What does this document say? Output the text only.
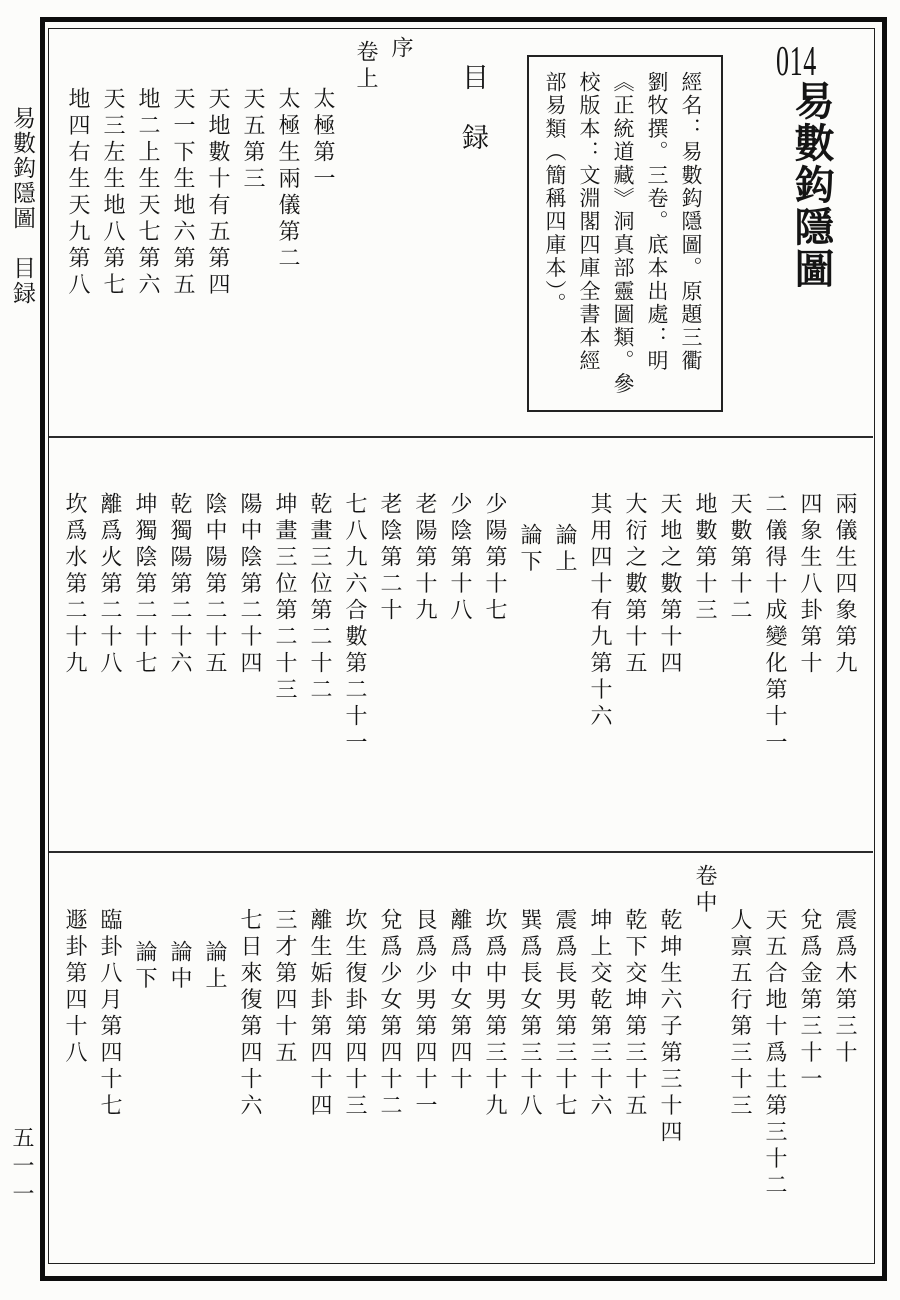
易數鈎隱圖　目録
五一一
014
易數鈎隱圖
經名：易數鈎隱圖。原題三衢
劉牧撰。三卷。底本出處：明
《正統道藏》洞真部靈圖類。參
校版本：文淵閣四庫全書本經
部易類（簡稱四庫本）。
目　録
序
卷上
太極第一
太極生兩儀第二
天五第三
天地數十有五第四
天一下生地六第五
地二上生天七第六
天三左生地八第七
地四右生天九第八
兩儀生四象第九
四象生八卦第十
二儀得十成變化第十一
天數第十二
地數第十三
天地之數第十四
大衍之數第十五
其用四十有九第十六
論上
論下
少陽第十七
少陰第十八
老陽第十九
老陰第二十
七八九六合數第二十一
乾畫三位第二十二
坤畫三位第二十三
陽中陰第二十四
陰中陽第二十五
乾獨陽第二十六
坤獨陰第二十七
離爲火第二十八
坎爲水第二十九
震爲木第三十
兌爲金第三十一
天五合地十爲土第三十二
人禀五行第三十三
卷中
乾坤生六子第三十四
乾下交坤第三十五
坤上交乾第三十六
震爲長男第三十七
巽爲長女第三十八
坎爲中男第三十九
離爲中女第四十
艮爲少男第四十一
兌爲少女第四十二
坎生復卦第四十三
離生姤卦第四十四
三才第四十五
七日來復第四十六
論上
論中
論下
臨卦八月第四十七
遯卦第四十八
